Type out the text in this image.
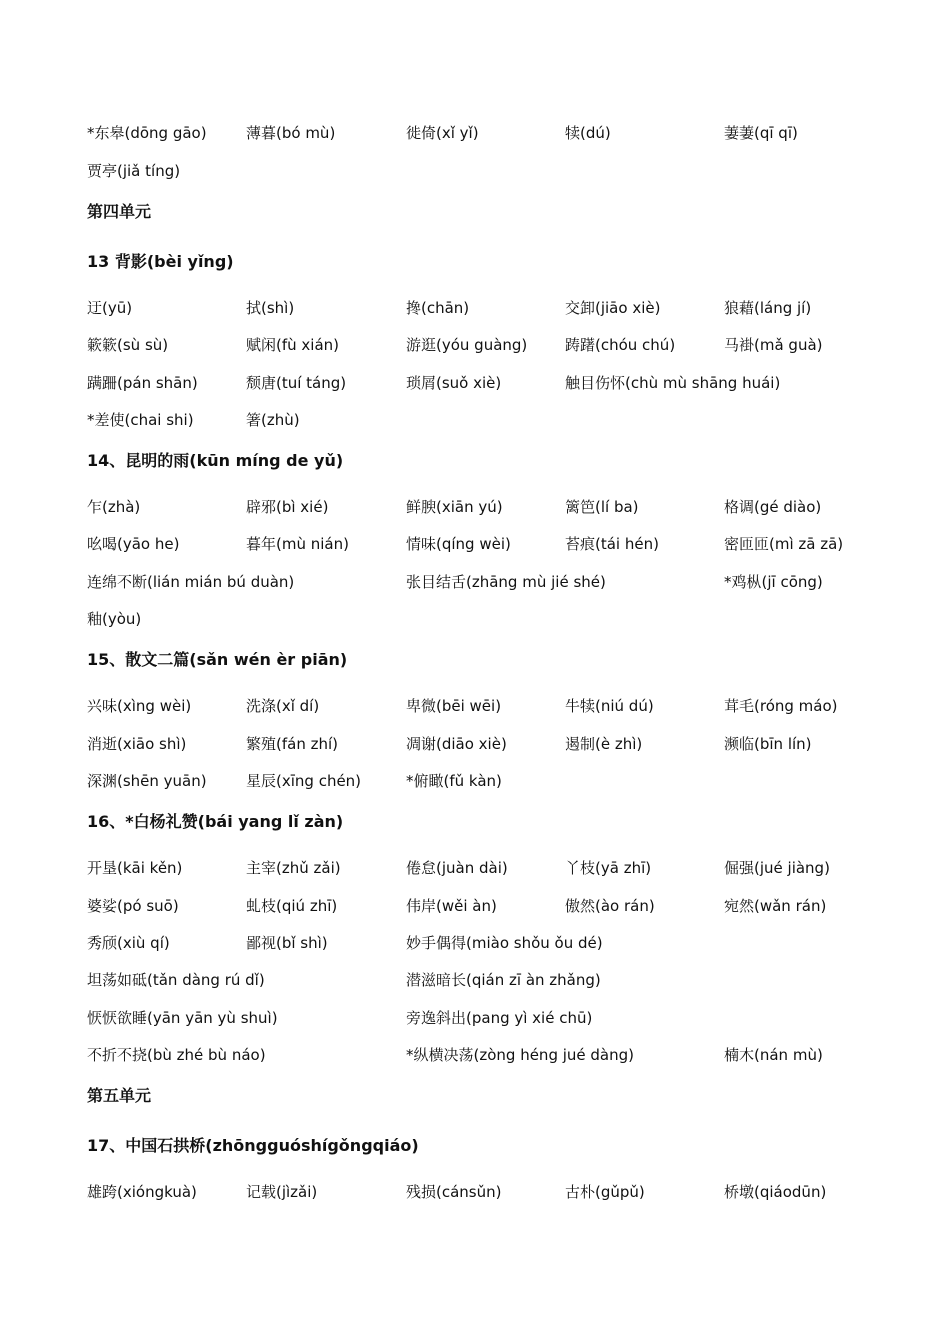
*东皋(dōng gāo)	薄暮(bó mù)	徙倚(xǐ yǐ)	犊(dú)	萋萋(qī qī)
贾亭(jiǎ tíng)
第四单元
13 背影(bèi yǐng)
迂(yū)	拭(shì)	搀(chān)	交卸(jiāo xiè)	狼藉(láng jí)
簌簌(sù sù)	赋闲(fù xián)	游逛(yóu guàng)	踌躇(chóu chú)	马褂(mǎ guà)
蹒跚(pán shān)	颓唐(tuí táng)	琐屑(suǒ xiè)	触目伤怀(chù mù shāng huái)
*差使(chai shi)	箸(zhù)
14、昆明的雨(kūn míng de yǔ)
乍(zhà)	辟邪(bì xié)	鲜腴(xiān yú)	篱笆(lí ba)	格调(gé diào)
吆喝(yāo he)	暮年(mù nián)	情味(qíng wèi)	苔痕(tái hén)	密匝匝(mì zā zā)
连绵不断(lián mián bú duàn)	张目结舌(zhāng mù jié shé)	*鸡枞(jī cōng)
釉(yòu)
15、散文二篇(sǎn wén èr piān)
兴味(xìng wèi)	洗涤(xǐ dí)	卑微(bēi wēi)	牛犊(niú dú)	茸毛(róng máo)
消逝(xiāo shì)	繁殖(fán zhí)	凋谢(diāo xiè)	遏制(è zhì)	濒临(bīn lín)
深渊(shēn yuān)	星辰(xīng chén)	*俯瞰(fǔ kàn)
16、*白杨礼赞(bái yang lǐ zàn)
开垦(kāi kěn)	主宰(zhǔ zǎi)	倦怠(juàn dài)	丫枝(yā zhī)	倔强(jué jiàng)
婆娑(pó suō)	虬枝(qiú zhī)	伟岸(wěi àn)	傲然(ào rán)	宛然(wǎn rán)
秀颀(xiù qí)	鄙视(bǐ shì)	妙手偶得(miào shǒu ǒu dé)
坦荡如砥(tǎn dàng rú dǐ)	潜滋暗长(qián zī àn zhǎng)
恹恹欲睡(yān yān yù shuì)	旁逸斜出(pang yì xié chū)
不折不挠(bù zhé bù náo)	*纵横决荡(zòng héng jué dàng)	楠木(nán mù)
第五单元
17、中国石拱桥(zhōngguóshígǒngqiáo)
雄跨(xióngkuà)	记载(jìzǎi)	残损(cánsǔn)	古朴(gǔpǔ)	桥墩(qiáodūn)
